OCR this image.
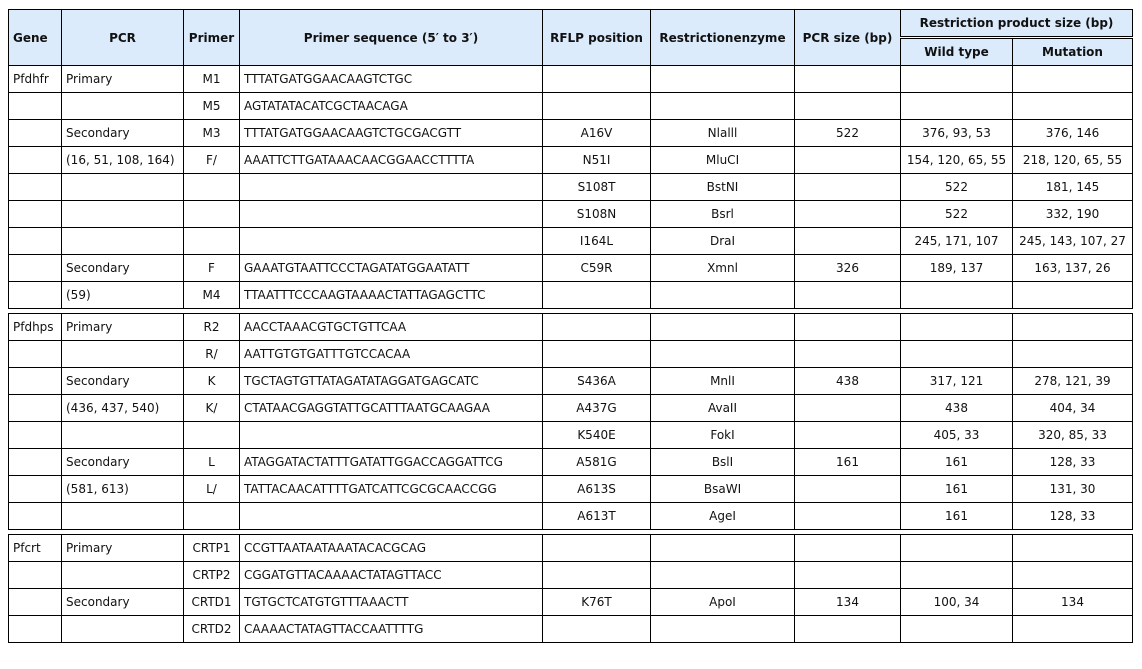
Gene	PCR	Primer	Primer sequence (5′ to 3′)	RFLP position	Restrictionenzyme	PCR size (bp)	Restriction product size (bp)	
							Wild type	Mutation
Pfdhfr	Primary	M1	TTTATGATGGAACAAGTCTGC					
		M5	AGTATATACATCGCTAACAGA					
	Secondary	M3	TTTATGATGGAACAAGTCTGCGACGTT	A16V	Nlalll	522	376, 93, 53	376, 146
	(16, 51, 108, 164)	F/	AAATTCTTGATAAACAACGGAACCTTTTA	N51I	MluCI		154, 120, 65, 55	218, 120, 65, 55
				S108T	BstNI		522	181, 145
				S108N	Bsrl		522	332, 190
				I164L	DraI		245, 171, 107	245, 143, 107, 27
	Secondary	F	GAAATGTAATTCCCTAGATATGGAATATT	C59R	Xmnl	326	189, 137	163, 137, 26
	(59)	M4	TTAATTTCCCAAGTAAAACTATTAGAGCTTC					

Pfdhps	Primary	R2	AACCTAAACGTGCTGTTCAA					
		R/	AATTGTGTGATTTGTCCACAA					
	Secondary	K	TGCTAGTGTTATAGATATAGGATGAGCATC	S436A	MnlI	438	317, 121	278, 121, 39
	(436, 437, 540)	K/	CTATAACGAGGTATTGCATTTAATGCAAGAA	A437G	AvaII		438	404, 34
				K540E	FokI		405, 33	320, 85, 33
	Secondary	L	ATAGGATACTATTTGATATTGGACCAGGATTCG	A581G	BslI	161	161	128, 33
	(581, 613)	L/	TATTACAACATTTTGATCATTCGCGCAACCGG	A613S	BsaWI		161	131, 30
				A613T	AgeI		161	128, 33

Pfcrt	Primary	CRTP1	CCGTTAATAATAAATACACGCAG					
		CRTP2	CGGATGTTACAAAACTATAGTTACC					
	Secondary	CRTD1	TGTGCTCATGTGTTTAAACTT	K76T	ApoI	134	100, 34	134
		CRTD2	CAAAACTATAGTTACCAATTTTG					
